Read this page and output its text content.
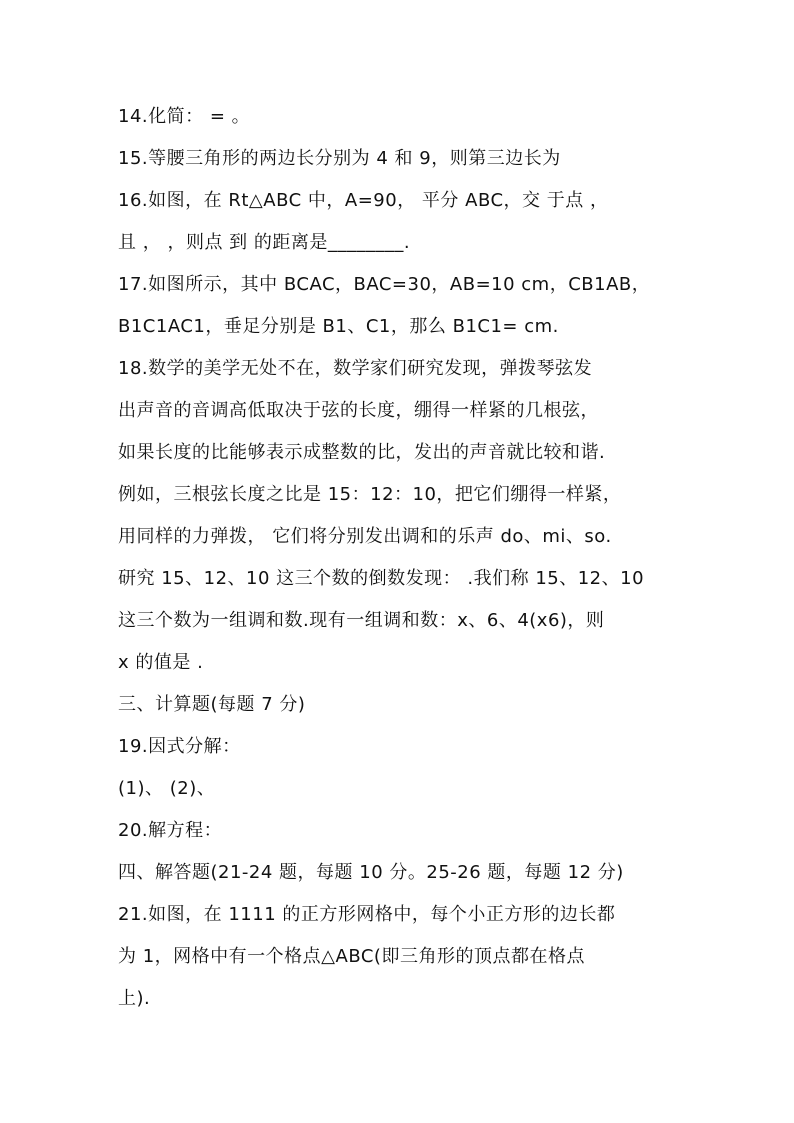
14.化简： = 。
15.等腰三角形的两边长分别为 4 和 9，则第三边长为
16.如图，在 Rt△ABC 中，A=90， 平分 ABC，交 于点 ，
且 ， ，则点 到 的距离是________.
17.如图所示，其中 BCAC，BAC=30，AB=10 cm，CB1AB，
B1C1AC1，垂足分别是 B1、C1，那么 B1C1= cm.
18.数学的美学无处不在，数学家们研究发现，弹拨琴弦发
出声音的音调高低取决于弦的长度，绷得一样紧的几根弦，
如果长度的比能够表示成整数的比，发出的声音就比较和谐.
例如，三根弦长度之比是 15：12：10，把它们绷得一样紧，
用同样的力弹拨， 它们将分别发出调和的乐声 do、mi、so.
研究 15、12、10 这三个数的倒数发现： .我们称 15、12、10
这三个数为一组调和数.现有一组调和数：x、6、4(x6)，则
x 的值是 .
三、计算题(每题 7 分)
19.因式分解：
(1)、 (2)、
20.解方程：
四、解答题(21-24 题，每题 10 分。25-26 题，每题 12 分)
21.如图，在 1111 的正方形网格中，每个小正方形的边长都
为 1，网格中有一个格点△ABC(即三角形的顶点都在格点
上).
